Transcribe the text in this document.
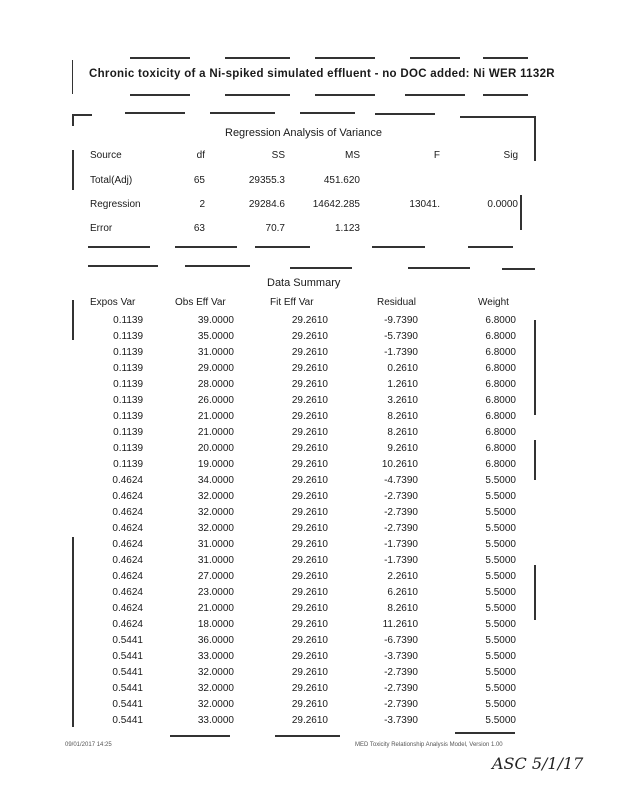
Chronic toxicity of a Ni-spiked simulated effluent - no DOC added: Ni WER 1132R
Regression Analysis of Variance
Source	df	SS	MS	F	Sig
Total(Adj)	65	29355.3	451.620
Regression	2	29284.6	14642.285	13041.	0.0000
Error	63	70.7	1.123
Data Summary
Expos Var	Obs Eff Var	Fit Eff Var	Residual	Weight
0.1139	39.0000	29.2610	-9.7390	6.8000
0.1139	35.0000	29.2610	-5.7390	6.8000
0.1139	31.0000	29.2610	-1.7390	6.8000
0.1139	29.0000	29.2610	0.2610	6.8000
0.1139	28.0000	29.2610	1.2610	6.8000
0.1139	26.0000	29.2610	3.2610	6.8000
0.1139	21.0000	29.2610	8.2610	6.8000
0.1139	21.0000	29.2610	8.2610	6.8000
0.1139	20.0000	29.2610	9.2610	6.8000
0.1139	19.0000	29.2610	10.2610	6.8000
0.4624	34.0000	29.2610	-4.7390	5.5000
0.4624	32.0000	29.2610	-2.7390	5.5000
0.4624	32.0000	29.2610	-2.7390	5.5000
0.4624	32.0000	29.2610	-2.7390	5.5000
0.4624	31.0000	29.2610	-1.7390	5.5000
0.4624	31.0000	29.2610	-1.7390	5.5000
0.4624	27.0000	29.2610	2.2610	5.5000
0.4624	23.0000	29.2610	6.2610	5.5000
0.4624	21.0000	29.2610	8.2610	5.5000
0.4624	18.0000	29.2610	11.2610	5.5000
0.5441	36.0000	29.2610	-6.7390	5.5000
0.5441	33.0000	29.2610	-3.7390	5.5000
0.5441	32.0000	29.2610	-2.7390	5.5000
0.5441	32.0000	29.2610	-2.7390	5.5000
0.5441	32.0000	29.2610	-2.7390	5.5000
0.5441	33.0000	29.2610	-3.7390	5.5000
09/01/2017 14:25	MED Toxicity Relationship Analysis Model, Version 1.00
ASC 5/1/17
